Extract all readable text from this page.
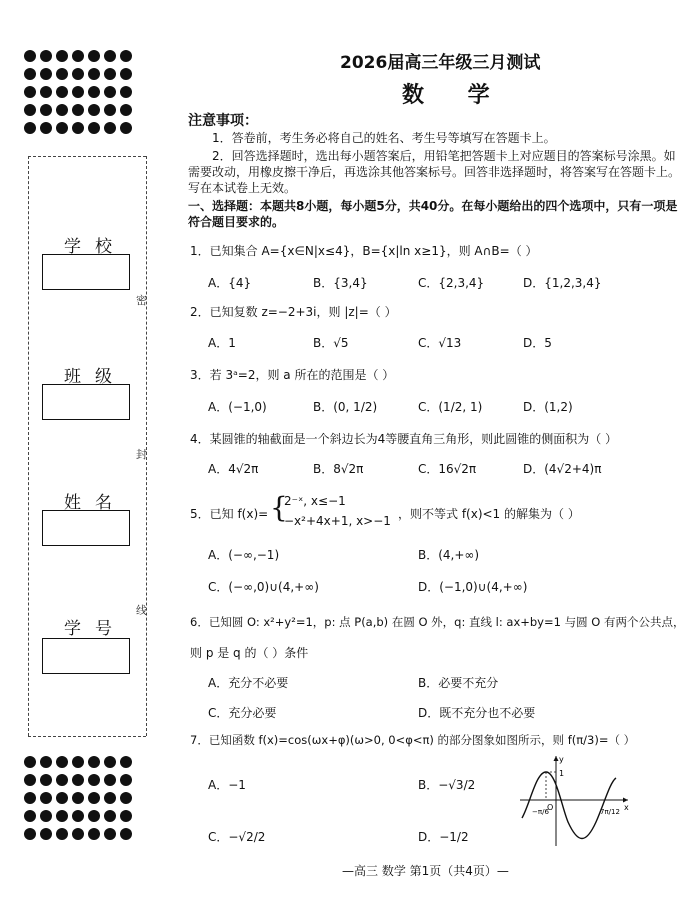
学校
班级
姓名
学号
密
封
线
2026届高三年级三月测试
数 学
注意事项：
1．答卷前，考生务必将自己的姓名、考生号等填写在答题卡上。
2．回答选择题时，选出每小题答案后，用铅笔把答题卡上对应题目的答案标号涂黑。如需要改动，用橡皮擦干净后，再选涂其他答案标号。回答非选择题时，将答案写在答题卡上。写在本试卷上无效。
一、选择题：本题共8小题，每小题5分，共40分。在每小题给出的四个选项中，只有一项是符合题目要求的。
1．已知集合 A={x∈N|x≤4}，B={x|ln x≥1}，则 A∩B=（ ）
A．{4}	B．{3,4}	C．{2,3,4}	D．{1,2,3,4}
2．已知复数 z=−2+3i，则 |z|=（ ）
A．1	B．√5	C．√13	D．5
3．若 3ᵃ=2，则 a 所在的范围是（ ）
A．(−1,0)	B．(0, 1/2)	C．(1/2, 1)	D．(1,2)
4．某圆锥的轴截面是一个斜边长为4等腰直角三角形，则此圆锥的侧面积为（ ）
A．4√2π	B．8√2π	C．16√2π	D．(4√2+4)π
5．已知 f(x)= {
2⁻ˣ, x≤−1
−x²+4x+1, x>−1 ，则不等式 f(x)<1 的解集为（ ）
A．(−∞,−1)	B．(4,+∞)
C．(−∞,0)∪(4,+∞)	D．(−1,0)∪(4,+∞)
6．已知圆 O: x²+y²=1，p: 点 P(a,b) 在圆 O 外，q: 直线 l: ax+by=1 与圆 O 有两个公共点，
则 p 是 q 的（ ）条件
A．充分不必要	B．必要不充分
C．充分必要	D．既不充分也不必要
7．已知函数 f(x)=cos(ωx+φ)(ω>0, 0<φ<π) 的部分图象如图所示，则 f(π/3)=（ ）
A．−1	B．−√3/2
C．−√2/2	D．−1/2
x
y
O
1
−π/6	7π/12
—高三 数学 第1页（共4页）—
